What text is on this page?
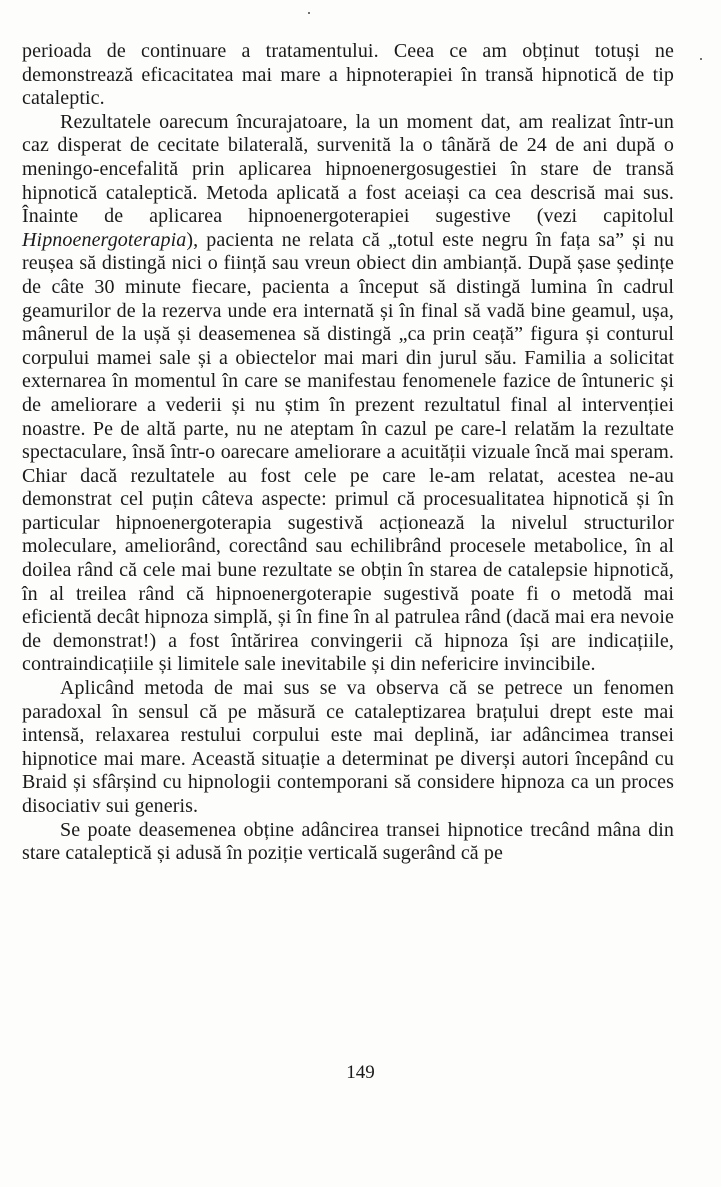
perioada de continuare a tratamentului. Ceea ce am obținut totuși ne demonstrează eficacitatea mai mare a hipnoterapiei în transă hipnotică de tip cataleptic.

Rezultatele oarecum încurajatoare, la un moment dat, am realizat într-un caz disperat de cecitate bilaterală, survenită la o tânără de 24 de ani după o meningo-encefalită prin aplicarea hipnoenergosugestiei în stare de transă hipnotică cataleptică. Metoda aplicată a fost aceiași ca cea descrisă mai sus. Înainte de aplicarea hipnoenergoterapiei sugestive (vezi capitolul Hipnoenergoterapia), pacienta ne relata că „totul este negru în fața sa” și nu reușea să distingă nici o ființă sau vreun obiect din ambianță. După șase ședințe de câte 30 minute fiecare, pacienta a început să distingă lumina în cadrul geamurilor de la rezerva unde era internată și în final să vadă bine geamul, ușa, mânerul de la ușă și deasemenea să distingă „ca prin ceață” figura și conturul corpului mamei sale și a obiectelor mai mari din jurul său. Familia a solicitat externarea în momentul în care se manifestau fenomenele fazice de întuneric și de ameliorare a vederii și nu știm în prezent rezultatul final al intervenției noastre. Pe de altă parte, nu ne ateptam în cazul pe care-l relatăm la rezultate spectaculare, însă într-o oarecare ameliorare a acuității vizuale încă mai speram. Chiar dacă rezultatele au fost cele pe care le-am relatat, acestea ne-au demonstrat cel puțin câteva aspecte: primul că procesualitatea hipnotică și în particular hipnoenergoterapia sugestivă acționează la nivelul structurilor moleculare, ameliorând, corectând sau echilibrând procesele metabolice, în al doilea rând că cele mai bune rezultate se obțin în starea de catalepsie hipnotică, în al treilea rând că hipnoenergoterapie sugestivă poate fi o metodă mai eficientă decât hipnoza simplă, și în fine în al patrulea rând (dacă mai era nevoie de demonstrat!) a fost întărirea convingerii că hipnoza își are indicațiile, contraindicațiile și limitele sale inevitabile și din nefericire invincibile.

Aplicând metoda de mai sus se va observa că se petrece un fenomen paradoxal în sensul că pe măsură ce cataleptizarea brațului drept este mai intensă, relaxarea restului corpului este mai deplină, iar adâncimea transei hipnotice mai mare. Această situație a determinat pe diverși autori începând cu Braid și sfârșind cu hipnologii contemporani să considere hipnoza ca un proces disociativ sui generis.

Se poate deasemenea obține adâncirea transei hipnotice trecând mâna din stare cataleptică și adusă în poziție verticală sugerând că pe

149
